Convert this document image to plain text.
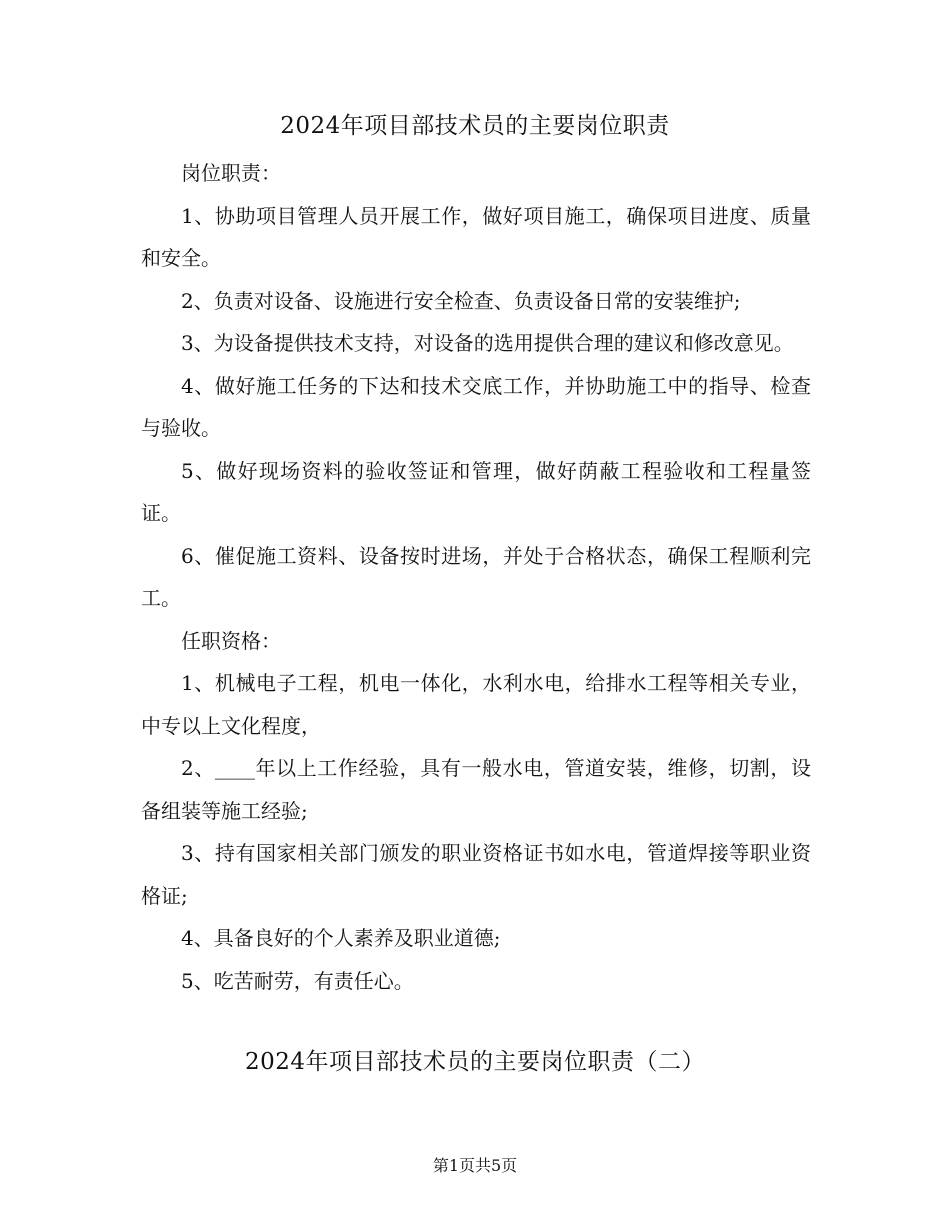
2024年项目部技术员的主要岗位职责

岗位职责：

1、协助项目管理人员开展工作，做好项目施工，确保项目进度、质量和安全。

2、负责对设备、设施进行安全检查、负责设备日常的安装维护;

3、为设备提供技术支持，对设备的选用提供合理的建议和修改意见。

4、做好施工任务的下达和技术交底工作，并协助施工中的指导、检查与验收。

5、做好现场资料的验收签证和管理，做好荫蔽工程验收和工程量签证。

6、催促施工资料、设备按时进场，并处于合格状态，确保工程顺利完工。

任职资格：

1、机械电子工程，机电一体化，水利水电，给排水工程等相关专业，中专以上文化程度，

2、____年以上工作经验，具有一般水电，管道安装，维修，切割，设备组装等施工经验;

3、持有国家相关部门颁发的职业资格证书如水电，管道焊接等职业资格证;

4、具备良好的个人素养及职业道德;

5、吃苦耐劳，有责任心。

2024年项目部技术员的主要岗位职责（二）
第1页共5页
